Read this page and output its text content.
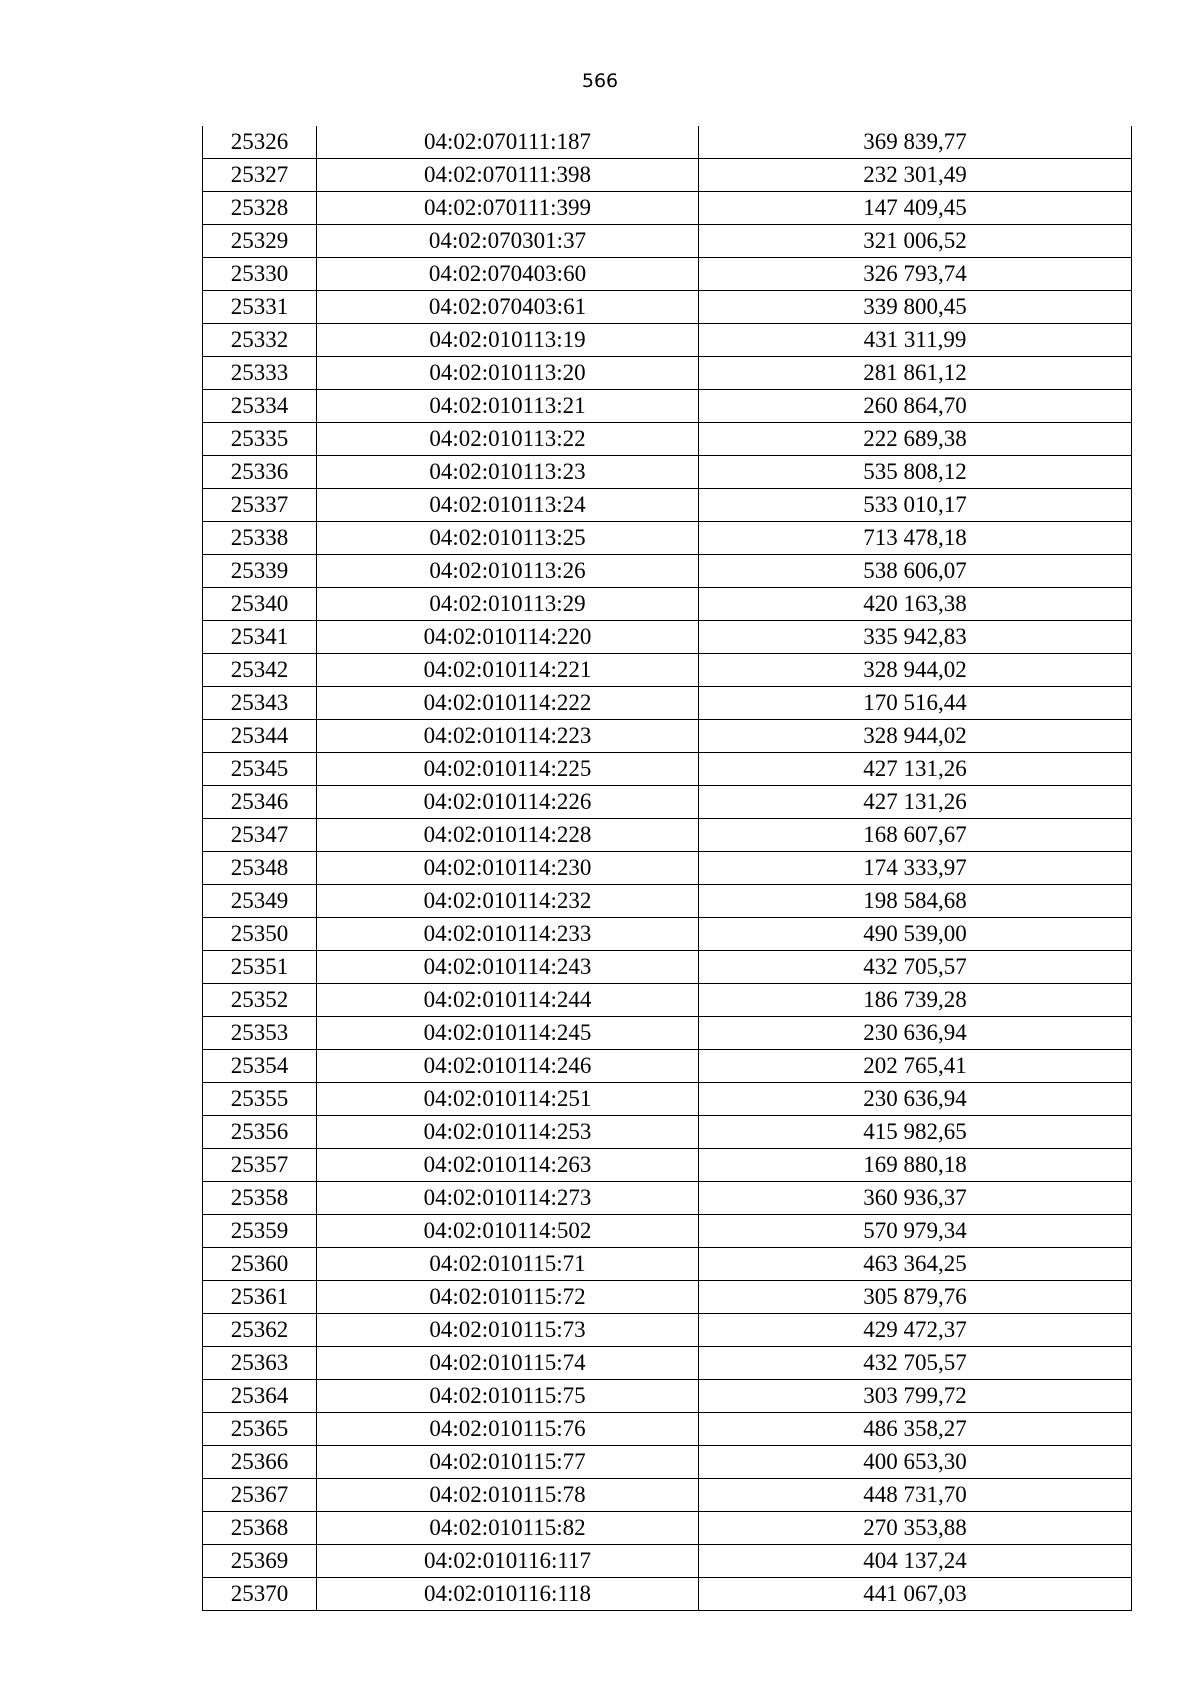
566
25326	04:02:070111:187	369 839,77
25327	04:02:070111:398	232 301,49
25328	04:02:070111:399	147 409,45
25329	04:02:070301:37	321 006,52
25330	04:02:070403:60	326 793,74
25331	04:02:070403:61	339 800,45
25332	04:02:010113:19	431 311,99
25333	04:02:010113:20	281 861,12
25334	04:02:010113:21	260 864,70
25335	04:02:010113:22	222 689,38
25336	04:02:010113:23	535 808,12
25337	04:02:010113:24	533 010,17
25338	04:02:010113:25	713 478,18
25339	04:02:010113:26	538 606,07
25340	04:02:010113:29	420 163,38
25341	04:02:010114:220	335 942,83
25342	04:02:010114:221	328 944,02
25343	04:02:010114:222	170 516,44
25344	04:02:010114:223	328 944,02
25345	04:02:010114:225	427 131,26
25346	04:02:010114:226	427 131,26
25347	04:02:010114:228	168 607,67
25348	04:02:010114:230	174 333,97
25349	04:02:010114:232	198 584,68
25350	04:02:010114:233	490 539,00
25351	04:02:010114:243	432 705,57
25352	04:02:010114:244	186 739,28
25353	04:02:010114:245	230 636,94
25354	04:02:010114:246	202 765,41
25355	04:02:010114:251	230 636,94
25356	04:02:010114:253	415 982,65
25357	04:02:010114:263	169 880,18
25358	04:02:010114:273	360 936,37
25359	04:02:010114:502	570 979,34
25360	04:02:010115:71	463 364,25
25361	04:02:010115:72	305 879,76
25362	04:02:010115:73	429 472,37
25363	04:02:010115:74	432 705,57
25364	04:02:010115:75	303 799,72
25365	04:02:010115:76	486 358,27
25366	04:02:010115:77	400 653,30
25367	04:02:010115:78	448 731,70
25368	04:02:010115:82	270 353,88
25369	04:02:010116:117	404 137,24
25370	04:02:010116:118	441 067,03
